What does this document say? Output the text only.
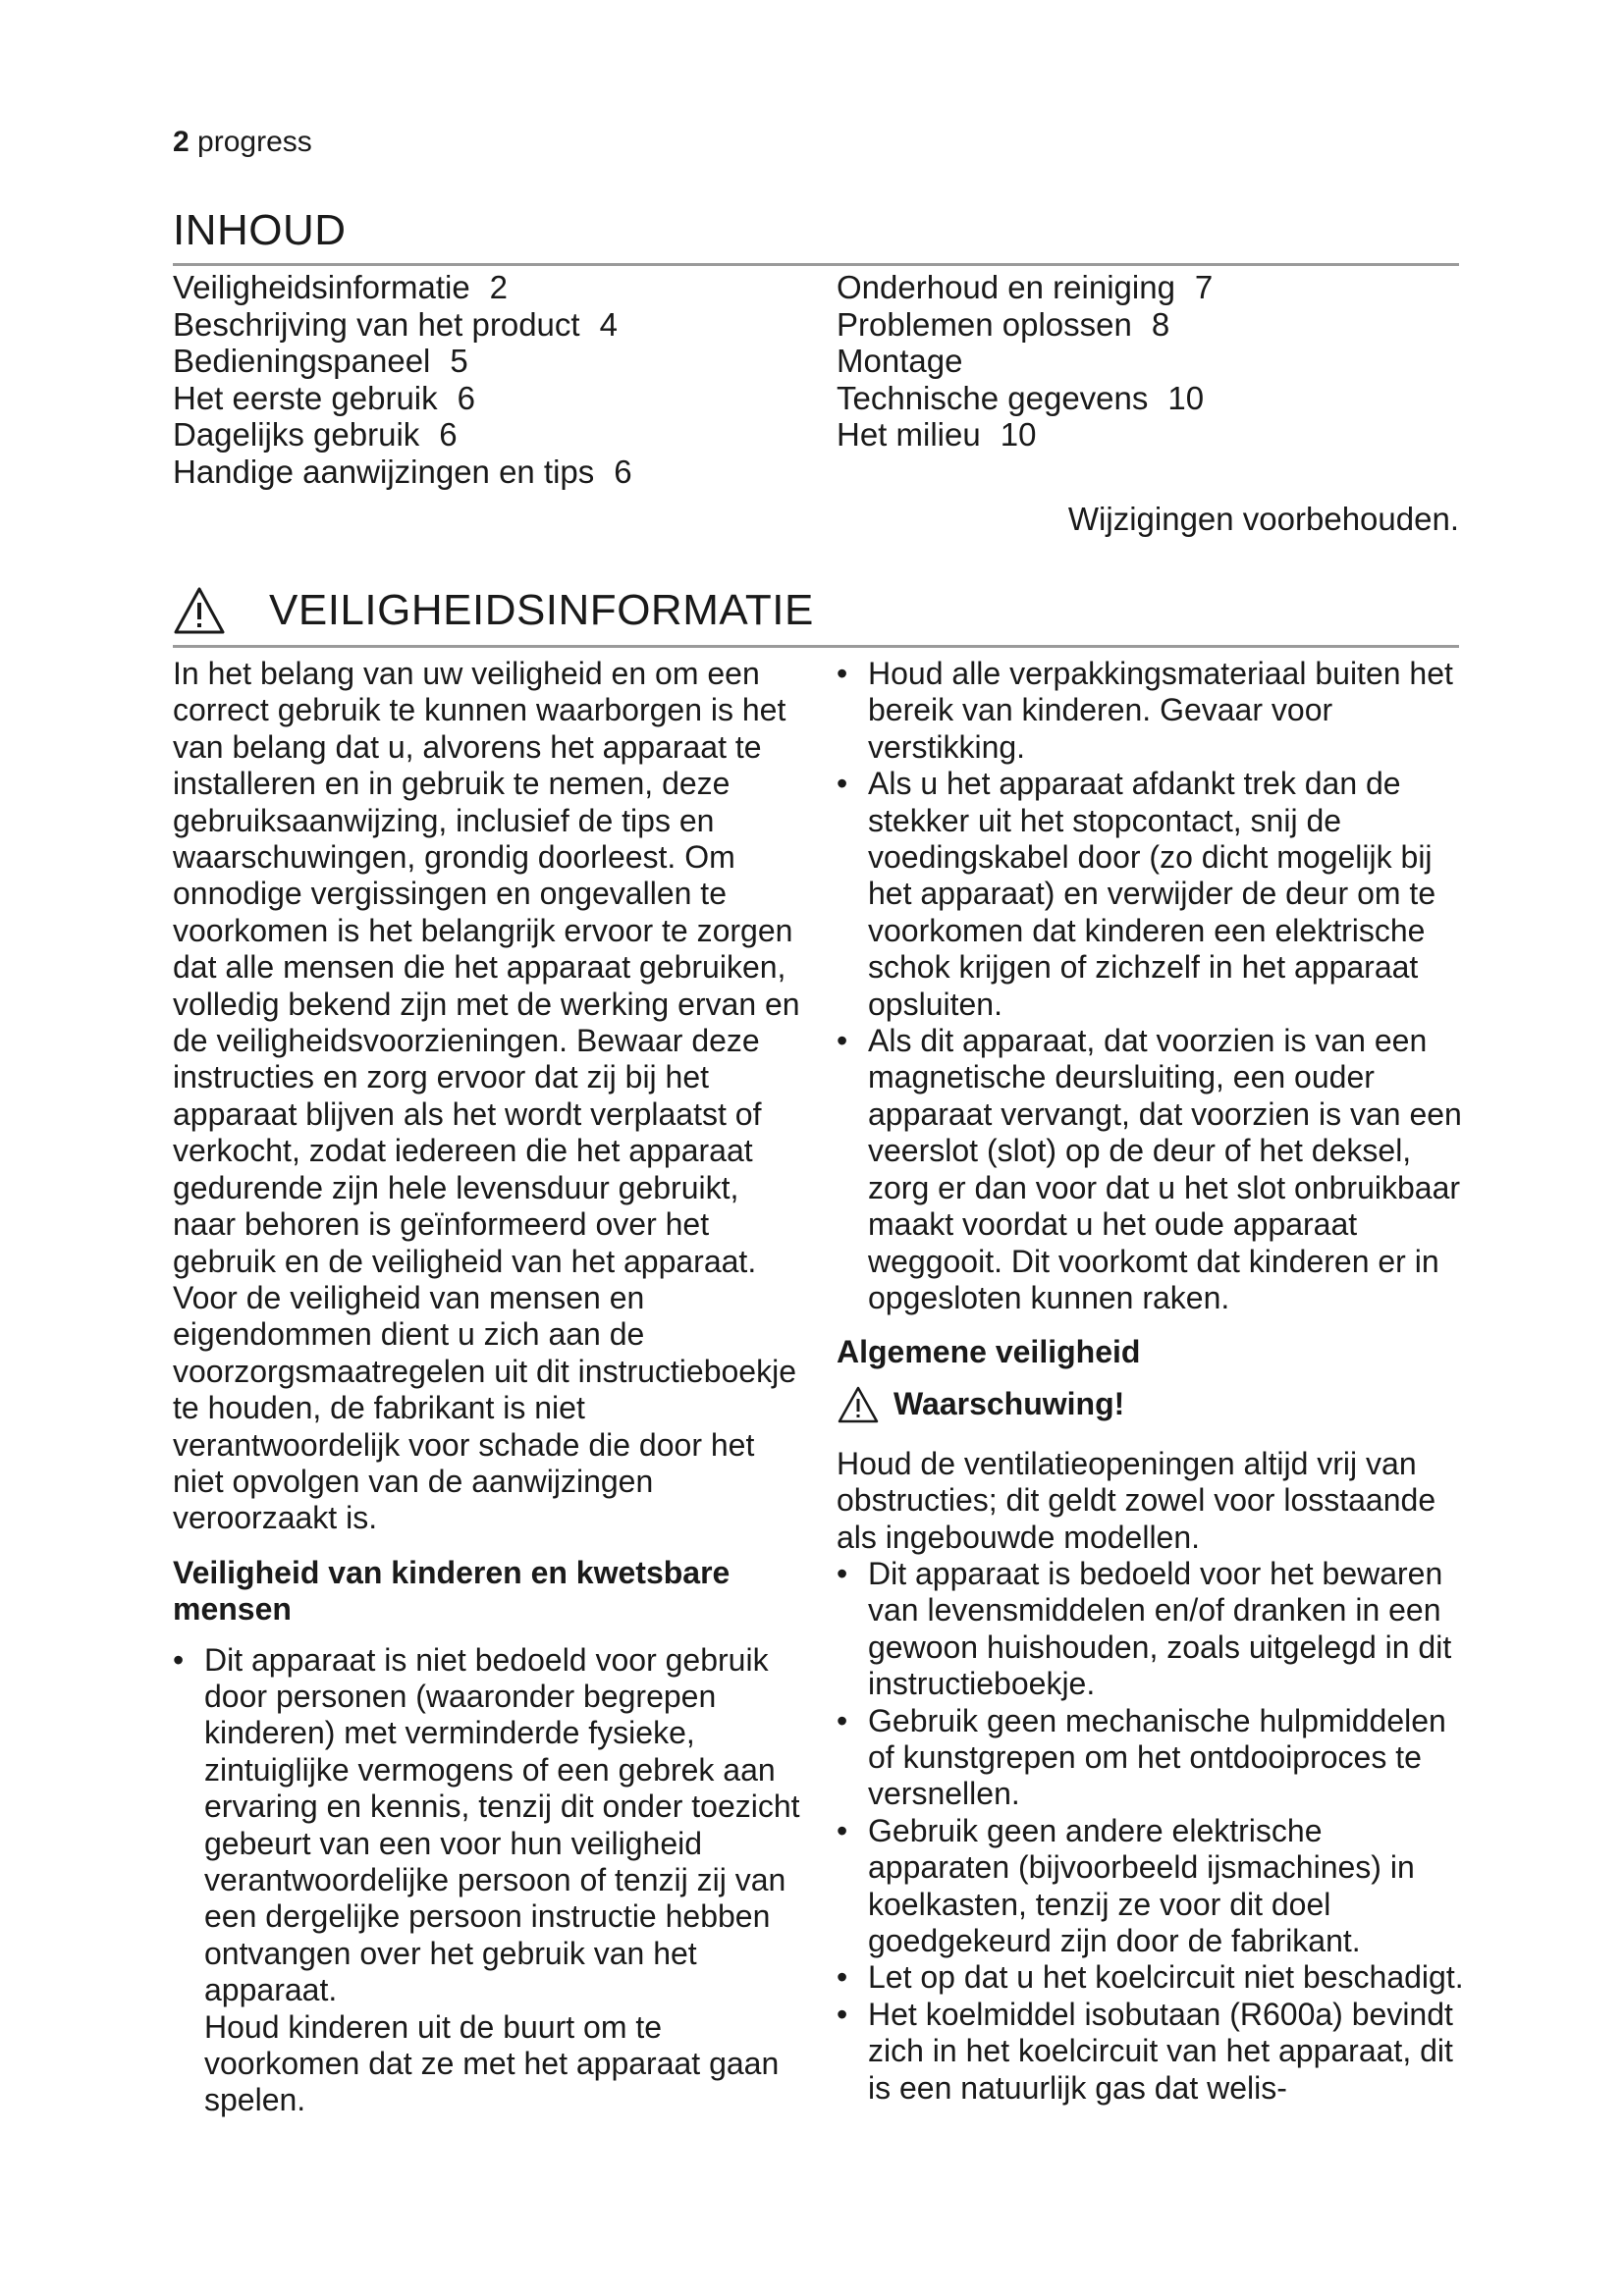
2 progress
INHOUD
Veiligheidsinformatie 2
Beschrijving van het product 4
Bedieningspaneel 5
Het eerste gebruik 6
Dagelijks gebruik 6
Handige aanwijzingen en tips 6
Onderhoud en reiniging 7
Problemen oplossen 8
Montage
Technische gegevens 10
Het milieu 10
Wijzigingen voorbehouden.
VEILIGHEIDSINFORMATIE

In het belang van uw veiligheid en om een correct gebruik te kunnen waarborgen is het van belang dat u, alvorens het apparaat te installeren en in gebruik te nemen, deze gebruiksaanwijzing, inclusief de tips en waarschuwingen, grondig doorleest. Om onnodige vergissingen en ongevallen te voorkomen is het belangrijk ervoor te zorgen dat alle mensen die het apparaat gebruiken, volledig bekend zijn met de werking ervan en de veiligheidsvoorzieningen. Bewaar deze instructies en zorg ervoor dat zij bij het apparaat blijven als het wordt verplaatst of verkocht, zodat iedereen die het apparaat gedurende zijn hele levensduur gebruikt, naar behoren is geïnformeerd over het gebruik en de veiligheid van het apparaat.

Voor de veiligheid van mensen en eigendommen dient u zich aan de voorzorgsmaatregelen uit dit instructieboekje te houden, de fabrikant is niet verantwoordelijk voor schade die door het niet opvolgen van de aanwijzingen veroorzaakt is.

Veiligheid van kinderen en kwetsbare mensen
• Dit apparaat is niet bedoeld voor gebruik door personen (waaronder begrepen kinderen) met verminderde fysieke, zintuiglijke vermogens of een gebrek aan ervaring en kennis, tenzij dit onder toezicht gebeurt van een voor hun veiligheid verantwoordelijke persoon of tenzij zij van een dergelijke persoon instructie hebben ontvangen over het gebruik van het apparaat.
Houd kinderen uit de buurt om te voorkomen dat ze met het apparaat gaan spelen.
• Houd alle verpakkingsmateriaal buiten het bereik van kinderen. Gevaar voor verstikking.
• Als u het apparaat afdankt trek dan de stekker uit het stopcontact, snij de voedingskabel door (zo dicht mogelijk bij het apparaat) en verwijder de deur om te voorkomen dat kinderen een elektrische schok krijgen of zichzelf in het apparaat opsluiten.
• Als dit apparaat, dat voorzien is van een magnetische deursluiting, een ouder apparaat vervangt, dat voorzien is van een veerslot (slot) op de deur of het deksel, zorg er dan voor dat u het slot onbruikbaar maakt voordat u het oude apparaat weggooit. Dit voorkomt dat kinderen er in opgesloten kunnen raken.
Algemene veiligheid
Waarschuwing!

Houd de ventilatieopeningen altijd vrij van obstructies; dit geldt zowel voor losstaande als ingebouwde modellen.

• Dit apparaat is bedoeld voor het bewaren van levensmiddelen en/of dranken in een gewoon huishouden, zoals uitgelegd in dit instructieboekje.
• Gebruik geen mechanische hulpmiddelen of kunstgrepen om het ontdooiproces te versnellen.
• Gebruik geen andere elektrische apparaten (bijvoorbeeld ijsmachines) in koelkasten, tenzij ze voor dit doel goedgekeurd zijn door de fabrikant.
• Let op dat u het koelcircuit niet beschadigt.
• Het koelmiddel isobutaan (R600a) bevindt zich in het koelcircuit van het apparaat, dit is een natuurlijk gas dat welis-
